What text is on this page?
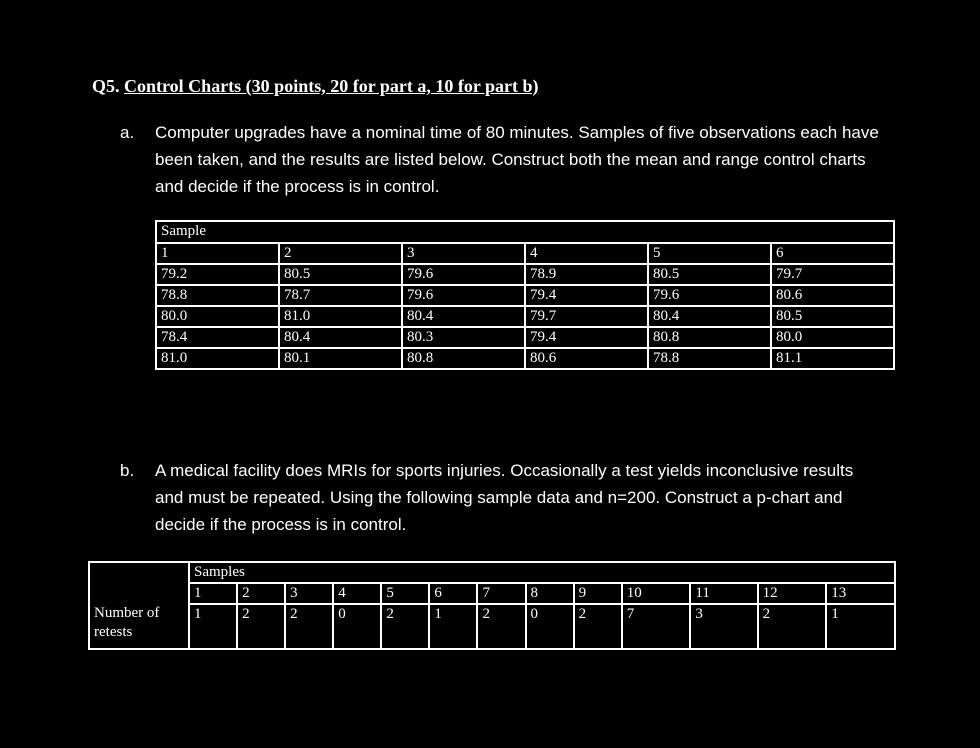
Q5. Control Charts (30 points, 20 for part a, 10 for part b)
a. Computer upgrades have a nominal time of 80 minutes. Samples of five observations each have been taken, and the results are listed below. Construct both the mean and range control charts and decide if the process is in control.
Sample					
1	2	3	4	5	6
79.2	80.5	79.6	78.9	80.5	79.7
78.8	78.7	79.6	79.4	79.6	80.6
80.0	81.0	80.4	79.7	80.4	80.5
78.4	80.4	80.3	79.4	80.8	80.0
81.0	80.1	80.8	80.6	78.8	81.1
b. A medical facility does MRIs for sports injuries. Occasionally a test yields inconclusive results and must be repeated. Using the following sample data and n=200. Construct a p-chart and decide if the process is in control.
	Samples												
	1	2	3	4	5	6	7	8	9	10	11	12	13
Number of retests	1	2	2	0	2	1	2	0	2	7	3	2	1
